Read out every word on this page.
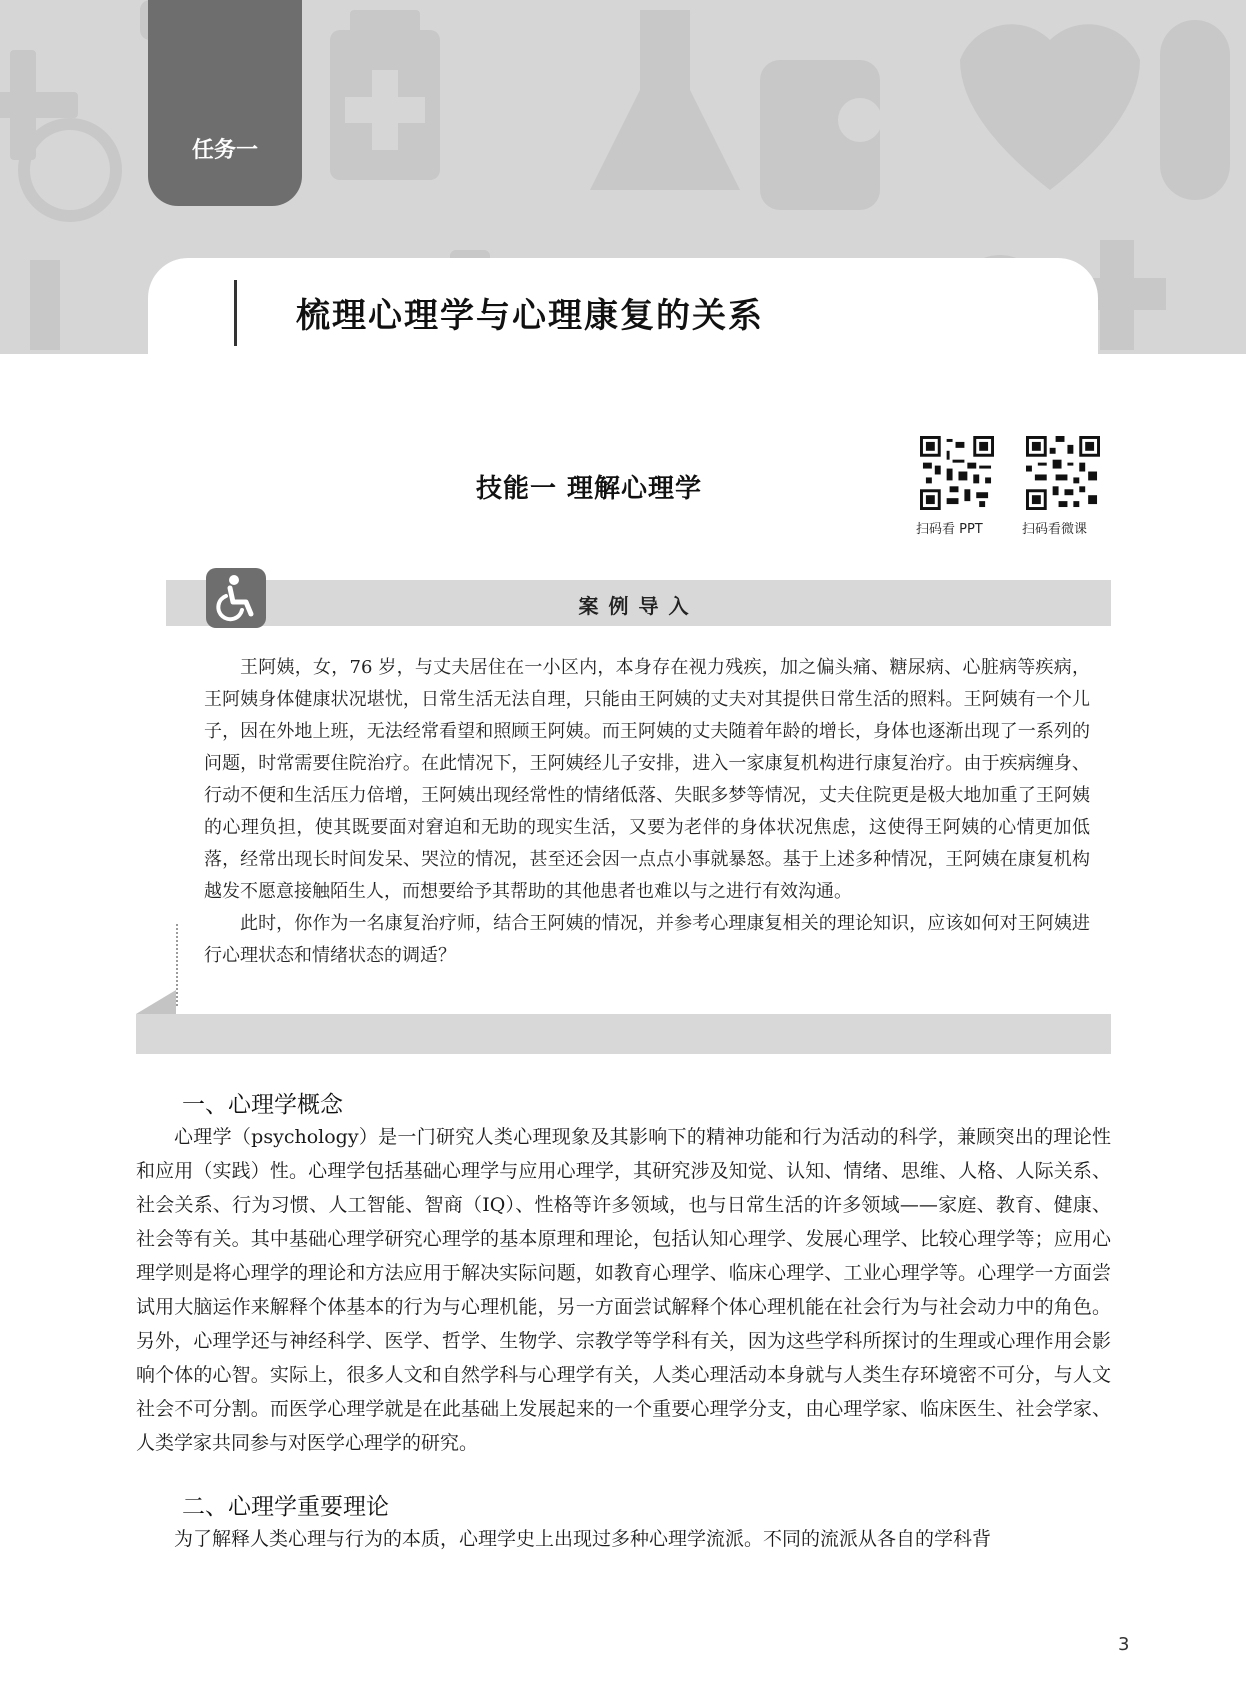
任务一
梳理心理学与心理康复的关系
技能一 理解心理学
扫码看 PPT	扫码看微课
案例导入

王阿姨，女，76 岁，与丈夫居住在一小区内，本身存在视力残疾，加之偏头痛、糖尿病、心脏病等疾病，王阿姨身体健康状况堪忧，日常生活无法自理，只能由王阿姨的丈夫对其提供日常生活的照料。王阿姨有一个儿子，因在外地上班，无法经常看望和照顾王阿姨。而王阿姨的丈夫随着年龄的增长，身体也逐渐出现了一系列的问题，时常需要住院治疗。在此情况下，王阿姨经儿子安排，进入一家康复机构进行康复治疗。由于疾病缠身、行动不便和生活压力倍增，王阿姨出现经常性的情绪低落、失眠多梦等情况，丈夫住院更是极大地加重了王阿姨的心理负担，使其既要面对窘迫和无助的现实生活，又要为老伴的身体状况焦虑，这使得王阿姨的心情更加低落，经常出现长时间发呆、哭泣的情况，甚至还会因一点点小事就暴怒。基于上述多种情况，王阿姨在康复机构越发不愿意接触陌生人，而想要给予其帮助的其他患者也难以与之进行有效沟通。

此时，你作为一名康复治疗师，结合王阿姨的情况，并参考心理康复相关的理论知识，应该如何对王阿姨进行心理状态和情绪状态的调适？

一、心理学概念

心理学（psychology）是一门研究人类心理现象及其影响下的精神功能和行为活动的科学，兼顾突出的理论性和应用（实践）性。心理学包括基础心理学与应用心理学，其研究涉及知觉、认知、情绪、思维、人格、人际关系、社会关系、行为习惯、人工智能、智商（IQ）、性格等许多领域，也与日常生活的许多领域——家庭、教育、健康、社会等有关。其中基础心理学研究心理学的基本原理和理论，包括认知心理学、发展心理学、比较心理学等；应用心理学则是将心理学的理论和方法应用于解决实际问题，如教育心理学、临床心理学、工业心理学等。心理学一方面尝试用大脑运作来解释个体基本的行为与心理机能，另一方面尝试解释个体心理机能在社会行为与社会动力中的角色。另外，心理学还与神经科学、医学、哲学、生物学、宗教学等学科有关，因为这些学科所探讨的生理或心理作用会影响个体的心智。实际上，很多人文和自然学科与心理学有关，人类心理活动本身就与人类生存环境密不可分，与人文社会不可分割。而医学心理学就是在此基础上发展起来的一个重要心理学分支，由心理学家、临床医生、社会学家、人类学家共同参与对医学心理学的研究。

二、心理学重要理论

为了解释人类心理与行为的本质，心理学史上出现过多种心理学流派。不同的流派从各自的学科背

3
